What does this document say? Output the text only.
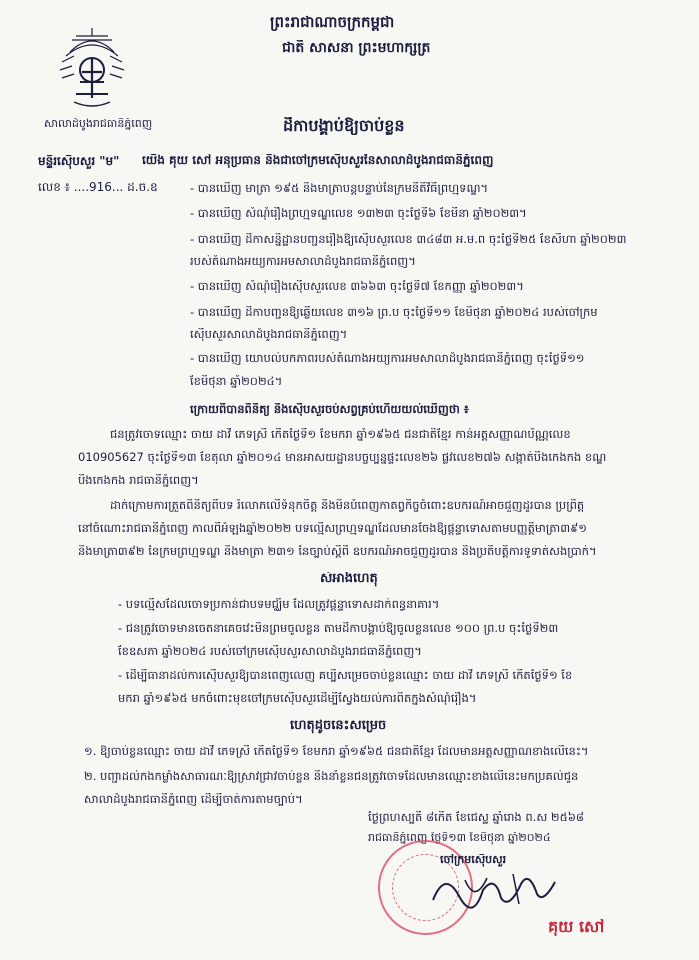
ព្រះរាជាណាចក្រកម្ពុជា
ជាតិ សាសនា ព្រះមហាក្សត្រ
សាលាដំបូងរាជធានីភ្នំពេញ	ដីកាបង្គាប់ឱ្យចាប់ខ្លួន
មន្ទីរស៊ើបសួរ "ម"
លេខ ៖ ....916... ដ.ច.ឧ
យើង គុយ សៅ អនុប្រធាន និងជាចៅក្រមស៊ើបសួរនៃសាលាដំបូងរាជធានីភ្នំពេញ
- បានឃើញ មាត្រា ១៩៥ និងមាត្រាបន្តបន្ទាប់នៃក្រមនីតិវិធីព្រហ្មទណ្ឌ។
- បានឃើញ សំណុំរឿងព្រហ្មទណ្ឌលេខ ១៣២៣ ចុះថ្ងៃទី៦ ខែមីនា ឆ្នាំ២០២៣។
- បានឃើញ ដីកាសន្និដ្ឋានបញ្ជូនរឿងឱ្យស៊ើបសួរលេខ ៣៤៨៣ អ.ម.ព ចុះថ្ងៃទី២៥ ខែសីហា ឆ្នាំ២០២៣
របស់តំណាងអយ្យការអមសាលាដំបូងរាជធានីភ្នំពេញ។
- បានឃើញ សំណុំរឿងស៊ើបសួរលេខ ៣៦៦៣ ចុះថ្ងៃទី៧ ខែកញ្ញា ឆ្នាំ២០២៣។
- បានឃើញ ដីកាបញ្ជូនឱ្យឆ្លើយលេខ ៣១៦ ព្រ.ប ចុះថ្ងៃទី១១ ខែមិថុនា ឆ្នាំ២០២៤ របស់ចៅក្រម
ស៊ើបសួរសាលាដំបូងរាជធានីភ្នំពេញ។
- បានឃើញ យោបល់បកភាពរបស់តំណាងអយ្យការអមសាលាដំបូងរាជធានីភ្នំពេញ ចុះថ្ងៃទី១១
ខែមិថុនា ឆ្នាំ២០២៤។
ក្រោយពីបានពិនិត្យ និងស៊ើបសួរចប់សព្វគ្រប់ហើយយល់ឃើញថា ៖
ជនត្រូវចោទឈ្មោះ ចាយ ដាវី ភេទស្រី កើតថ្ងៃទី១ ខែមករា ឆ្នាំ១៩៦៥ ជនជាតិខ្មែរ កាន់អត្តសញ្ញាណប័ណ្ណលេខ
010905627 ចុះថ្ងៃទី១៣ ខែតុលា ឆ្នាំ២០១៤ មានអាសយដ្ឋានបច្ចុប្បន្នផ្ទះលេខ២៦ ផ្លូវលេខ២៧៦ សង្កាត់បឹងកេងកង ខណ្ឌ
បឹងកេងកង រាជធានីភ្នំពេញ។
ដាក់ក្រោមការត្រួតពិនិត្យពីបទ រំលោភលើទំនុកចិត្ត និងមិនបំពេញកាតព្វកិច្ចចំពោះឧបករណ៍អាចជួញដូរបាន ប្រព្រឹត្ត
នៅចំណោះរាជធានីភ្នំពេញ កាលពីអំឡុងឆ្នាំ២០២២ បទល្មើសព្រហ្មទណ្ឌដែលមានចែងឱ្យផ្តន្ទាទោសតាមបញ្ញត្តិមាត្រា៣៩១
និងមាត្រា៣៩២ នៃក្រមព្រហ្មទណ្ឌ និងមាត្រា ២៣១ នៃច្បាប់ស្តីពី ឧបករណ៍អាចជួញដូរបាន និងប្រតិបត្តិការទូទាត់សងប្រាក់។
សំអាងហេតុ
- បទល្មើសដែលចោទប្រកាន់ជាបទមជ្ឈិម ដែលត្រូវផ្តន្ទាទោសដាក់ពន្ធនាគារ។
- ជនត្រូវចោទមានចេតនាគេចវេះមិនព្រមចូលខ្លួន តាមដីកាបង្គាប់ឱ្យចូលខ្លួនលេខ ១០០ ព្រ.ប ចុះថ្ងៃទី២៣
ខែឧសភា ឆ្នាំ២០២៤ របស់ចៅក្រមស៊ើបសួរសាលាដំបូងរាជធានីភ្នំពេញ។
- ដើម្បីធានាដល់ការស៊ើបសួរឱ្យបានពេញលេញ គប្បីសម្រេចចាប់ខ្លួនឈ្មោះ ចាយ ដាវី ភេទស្រី កើតថ្ងៃទី១ ខែ
មករា ឆ្នាំ១៩៦៥ មកចំពោះមុខចៅក្រមស៊ើបសួរដើម្បីស្វែងយល់ការពិតក្នុងសំណុំរឿង។
ហេតុដូចនេះសម្រេច
១. ឱ្យចាប់ខ្លួនឈ្មោះ ចាយ ដាវី ភេទស្រី កើតថ្ងៃទី១ ខែមករា ឆ្នាំ១៩៦៥ ជនជាតិខ្មែរ ដែលមានអត្តសញ្ញាណខាងលើនេះ។
២. បញ្ជាដល់កងកម្លាំងសាធារណៈឱ្យស្រាវជ្រាវចាប់ខ្លួន និងនាំខ្លួនជនត្រូវចោទដែលមានឈ្មោះខាងលើនេះមកប្រគល់ជូន
សាលាដំបូងរាជធានីភ្នំពេញ ដើម្បីចាត់ការតាមច្បាប់។
ថ្ងៃព្រហស្បតិ៍ ៨កើត ខែជេស្ឋ ឆ្នាំរោង ព.ស ២៥៦៨
រាជធានីភ្នំពេញ ថ្ងៃទី១៣ ខែមិថុនា ឆ្នាំ២០២៤
ចៅក្រមស៊ើបសួរ
គុយ សៅ
